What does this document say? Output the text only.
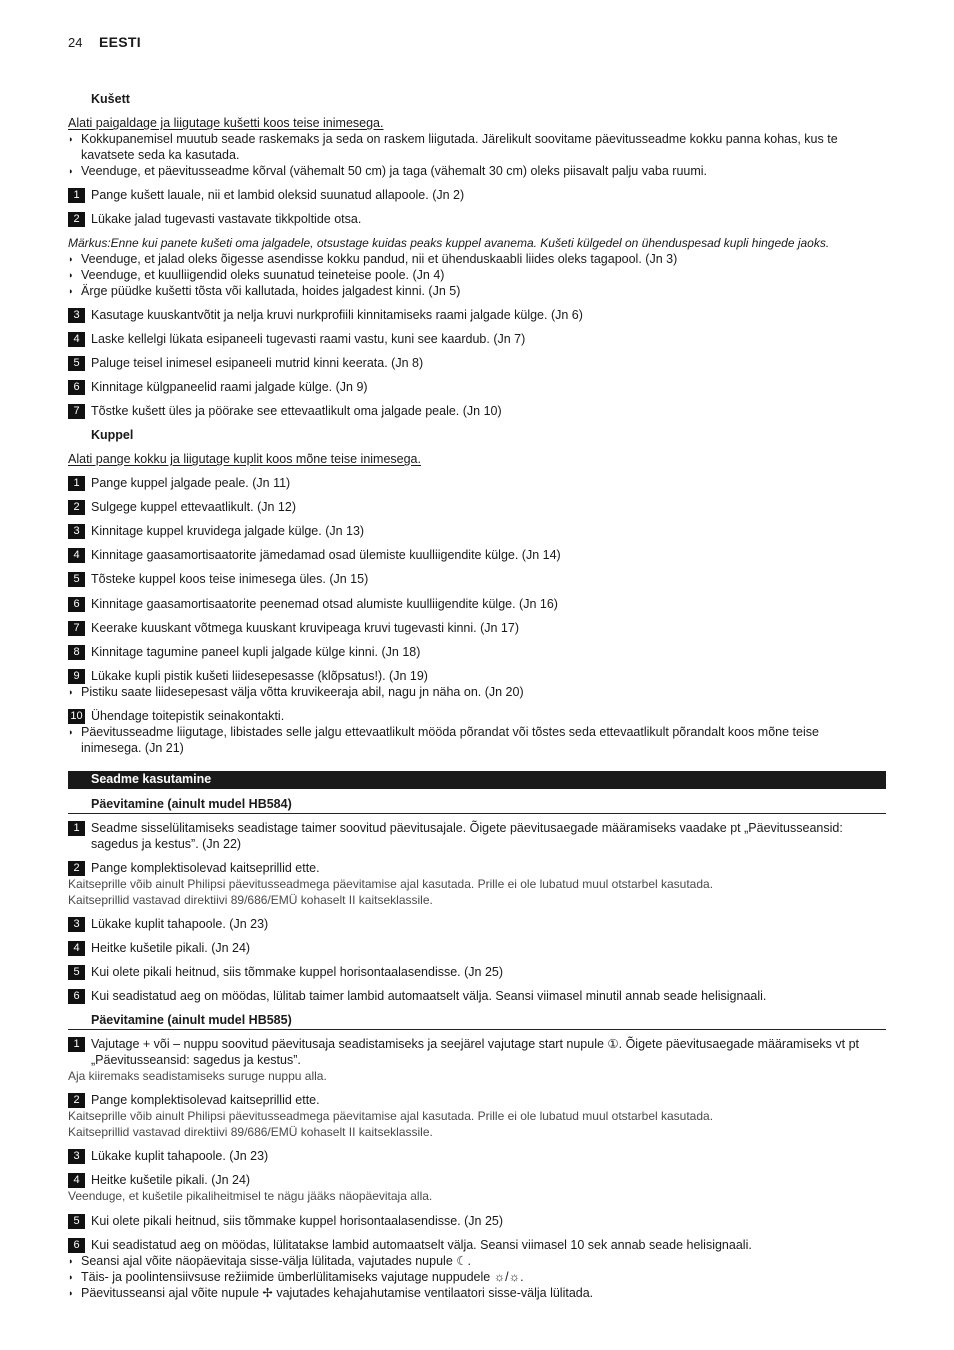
24 EESTI
Kušett
Alati paigaldage ja liigutage kušetti koos teise inimesega.
◗ Kokkupanemisel muutub seade raskemaks ja seda on raskem liigutada. Järelikult soovitame päevitusseadme kokku panna kohas, kus te
kavatsete seda ka kasutada.
◗ Veenduge, et päevitusseadme kõrval (vähemalt 50 cm) ja taga (vähemalt 30 cm) oleks piisavalt palju vaba ruumi.
1 Pange kušett lauale, nii et lambid oleksid suunatud allapoole. (Jn 2)
2 Lükake jalad tugevasti vastavate tikkpoltide otsa.
Märkus:Enne kui panete kušeti oma jalgadele, otsustage kuidas peaks kuppel avanema. Kušeti külgedel on ühenduspesad kupli hingede jaoks.
◗ Veenduge, et jalad oleks õigesse asendisse kokku pandud, nii et ühenduskaabli liides oleks tagapool. (Jn 3)
◗ Veenduge, et kuulliigendid oleks suunatud teineteise poole. (Jn 4)
◗ Ärge püüdke kušetti tõsta või kallutada, hoides jalgadest kinni. (Jn 5)
3 Kasutage kuuskantvõtit ja nelja kruvi nurkprofiili kinnitamiseks raami jalgade külge. (Jn 6)
4 Laske kellelgi lükata esipaneeli tugevasti raami vastu, kuni see kaardub. (Jn 7)
5 Paluge teisel inimesel esipaneeli mutrid kinni keerata. (Jn 8)
6 Kinnitage külgpaneelid raami jalgade külge. (Jn 9)
7 Tõstke kušett üles ja pöörake see ettevaatlikult oma jalgade peale. (Jn 10)
Kuppel
Alati pange kokku ja liigutage kuplit koos mõne teise inimesega.
1 Pange kuppel jalgade peale. (Jn 11)
2 Sulgege kuppel ettevaatlikult. (Jn 12)
3 Kinnitage kuppel kruvidega jalgade külge. (Jn 13)
4 Kinnitage gaasamortisaatorite jämedamad osad ülemiste kuulliigendite külge. (Jn 14)
5 Tõsteke kuppel koos teise inimesega üles. (Jn 15)
6 Kinnitage gaasamortisaatorite peenemad otsad alumiste kuulliigendite külge. (Jn 16)
7 Keerake kuuskant võtmega kuuskant kruvipeaga kruvi tugevasti kinni. (Jn 17)
8 Kinnitage tagumine paneel kupli jalgade külge kinni. (Jn 18)
9 Lükake kupli pistik kušeti liidesepesasse (klõpsatus!). (Jn 19)
◗ Pistiku saate liidesepesast välja võtta kruvikeeraja abil, nagu jn näha on. (Jn 20)
10 Ühendage toitepistik seinakontakti.
◗ Päevitusseadme liigutage, libistades selle jalgu ettevaatlikult mööda põrandat või tõstes seda ettevaatlikult põrandalt koos mõne teise
inimesega. (Jn 21)
Seadme kasutamine
Päevitamine (ainult mudel HB584)
1 Seadme sisselülitamiseks seadistage taimer soovitud päevitusajale. Õigete päevitusaegade määramiseks vaadake pt „Päevitusseansid:
sagedus ja kestus”. (Jn 22)
2 Pange komplektisolevad kaitseprillid ette.
Kaitseprille võib ainult Philipsi päevitusseadmega päevitamise ajal kasutada. Prille ei ole lubatud muul otstarbel kasutada.
Kaitseprillid vastavad direktiivi 89/686/EMÜ kohaselt II kaitseklassile.
3 Lükake kuplit tahapoole. (Jn 23)
4 Heitke kušetile pikali. (Jn 24)
5 Kui olete pikali heitnud, siis tõmmake kuppel horisontaalasendisse. (Jn 25)
6 Kui seadistatud aeg on möödas, lülitab taimer lambid automaatselt välja. Seansi viimasel minutil annab seade helisignaali.
Päevitamine (ainult mudel HB585)
1 Vajutage + või – nuppu soovitud päevitusaja seadistamiseks ja seejärel vajutage start nupule ①. Õigete päevitusaegade määramiseks vt pt
„Päevitusseansid: sagedus ja kestus”.
Aja kiiremaks seadistamiseks suruge nuppu alla.
2 Pange komplektisolevad kaitseprillid ette.
Kaitseprille võib ainult Philipsi päevitusseadmega päevitamise ajal kasutada. Prille ei ole lubatud muul otstarbel kasutada.
Kaitseprillid vastavad direktiivi 89/686/EMÜ kohaselt II kaitseklassile.
3 Lükake kuplit tahapoole. (Jn 23)
4 Heitke kušetile pikali. (Jn 24)
Veenduge, et kušetile pikaliheitmisel te nägu jääks näopäevitaja alla.
5 Kui olete pikali heitnud, siis tõmmake kuppel horisontaalasendisse. (Jn 25)
6 Kui seadistatud aeg on möödas, lülitatakse lambid automaatselt välja. Seansi viimasel 10 sek annab seade helisignaali.
◗ Seansi ajal võite näopäevitaja sisse-välja lülitada, vajutades nupule ☾.
◗ Täis- ja poolintensiivsuse režiimide ümberlülitamiseks vajutage nuppudele ☼/☼.
◗ Päevitusseansi ajal võite nupule ✢ vajutades kehajahutamise ventilaatori sisse-välja lülitada.
